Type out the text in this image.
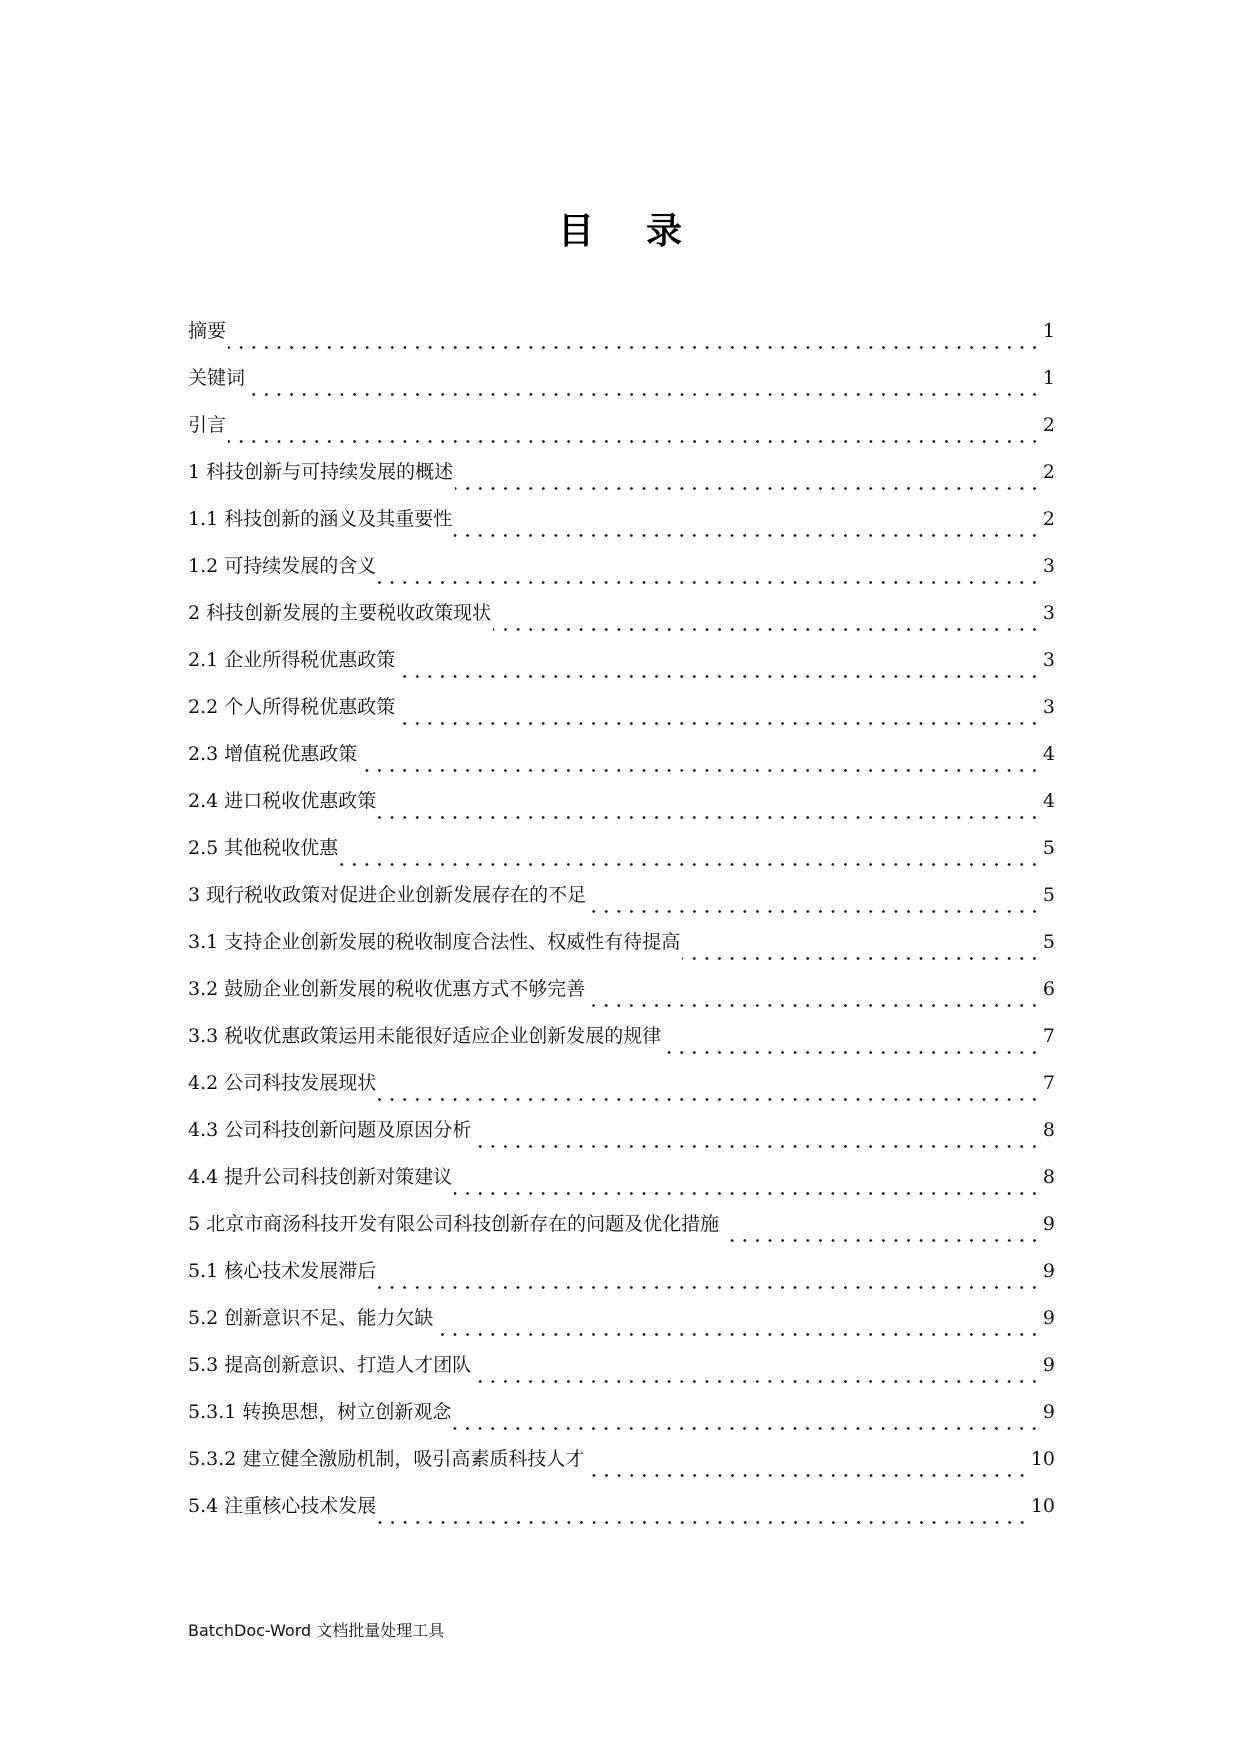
目录
摘要	1
关键词	1
引言	2
1 科技创新与可持续发展的概述	2
1.1 科技创新的涵义及其重要性	2
1.2 可持续发展的含义	3
2 科技创新发展的主要税收政策现状	3
2.1 企业所得税优惠政策	3
2.2 个人所得税优惠政策	3
2.3 增值税优惠政策	4
2.4 进口税收优惠政策	4
2.5 其他税收优惠	5
3 现行税收政策对促进企业创新发展存在的不足	5
3.1 支持企业创新发展的税收制度合法性、权威性有待提高	5
3.2 鼓励企业创新发展的税收优惠方式不够完善	6
3.3 税收优惠政策运用未能很好适应企业创新发展的规律	7
4.2 公司科技发展现状	7
4.3 公司科技创新问题及原因分析	8
4.4 提升公司科技创新对策建议	8
5 北京市商汤科技开发有限公司科技创新存在的问题及优化措施	9
5.1 核心技术发展滞后	9
5.2 创新意识不足、能力欠缺	9
5.3 提高创新意识、打造人才团队	9
5.3.1 转换思想，树立创新观念	9
5.3.2 建立健全激励机制，吸引高素质科技人才	10
5.4 注重核心技术发展	10
BatchDoc-Word 文档批量处理工具
